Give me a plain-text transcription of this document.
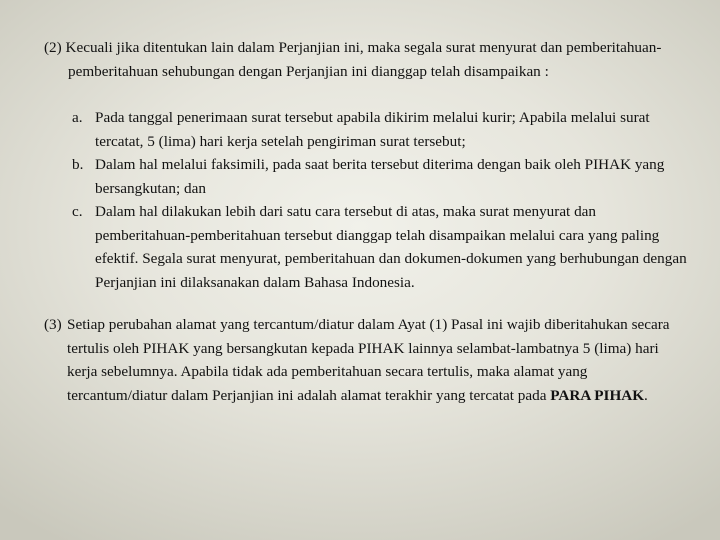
(2) Kecuali jika ditentukan lain dalam Perjanjian ini, maka segala surat menyurat dan pemberitahuan-pemberitahuan sehubungan dengan Perjanjian ini dianggap telah disampaikan :
a. Pada tanggal penerimaan surat tersebut apabila dikirim melalui kurir; Apabila melalui surat tercatat, 5 (lima) hari kerja setelah pengiriman surat tersebut;
b. Dalam hal melalui faksimili, pada saat berita tersebut diterima dengan baik oleh PIHAK yang bersangkutan; dan
c. Dalam hal dilakukan lebih dari satu cara tersebut di atas, maka surat menyurat dan pemberitahuan-pemberitahuan tersebut dianggap telah disampaikan melalui cara yang paling efektif. Segala surat menyurat, pemberitahuan dan dokumen-dokumen yang berhubungan dengan Perjanjian ini dilaksanakan dalam Bahasa Indonesia.
(3) Setiap perubahan alamat yang tercantum/diatur dalam Ayat (1) Pasal ini wajib diberitahukan secara tertulis oleh PIHAK yang bersangkutan kepada PIHAK lainnya selambat-lambatnya 5 (lima) hari kerja sebelumnya. Apabila tidak ada pemberitahuan secara tertulis, maka alamat yang tercantum/diatur dalam Perjanjian ini adalah alamat terakhir yang tercatat pada PARA PIHAK.
